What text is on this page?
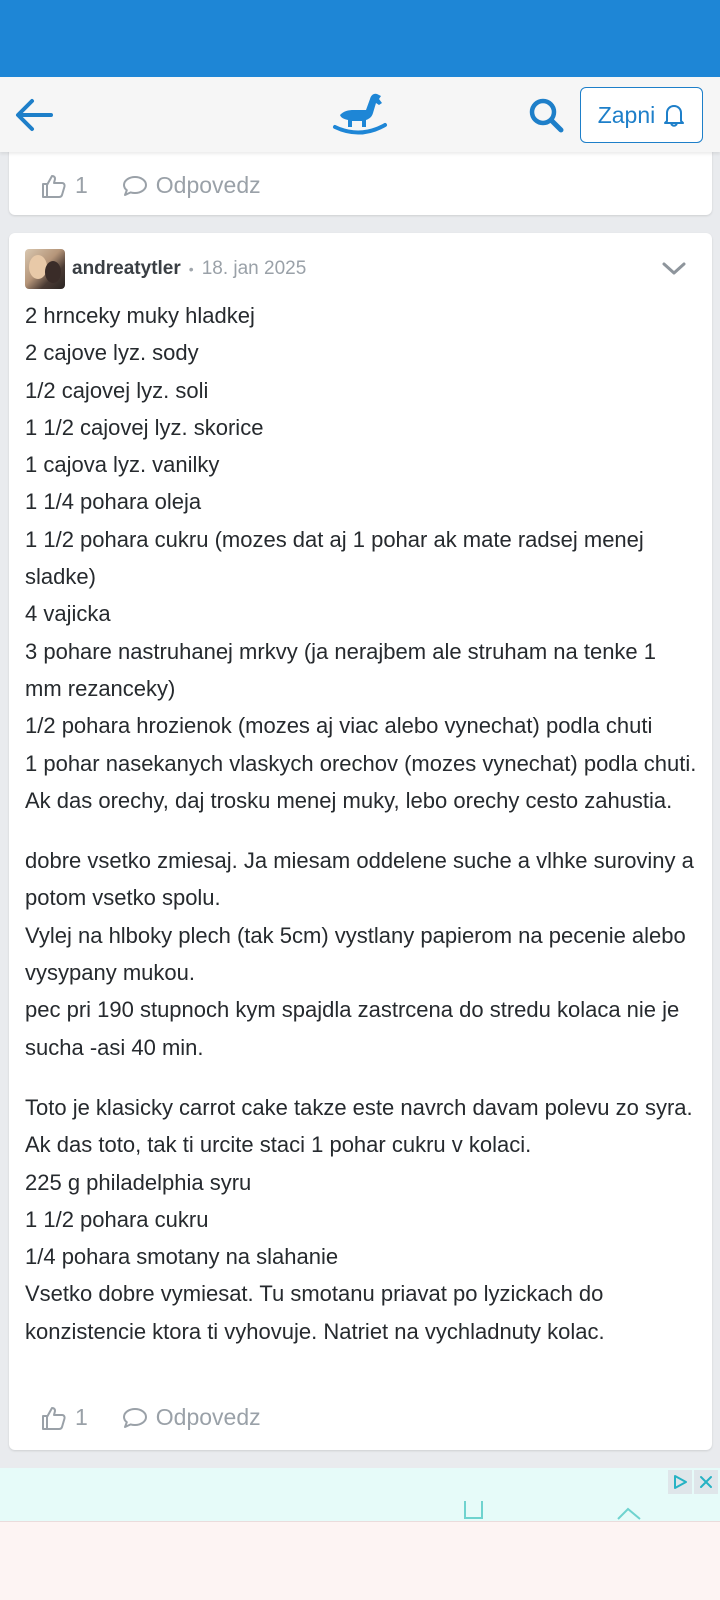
Zapni
1	Odpovedz
andreatytler • 18. jan 2025

2 hrnceky muky hladkej
2 cajove lyz. sody
1/2 cajovej lyz. soli
1 1/2 cajovej lyz. skorice
1 cajova lyz. vanilky
1 1/4 pohara oleja
1 1/2 pohara cukru (mozes dat aj 1 pohar ak mate radsej menej sladke)
4 vajicka
3 pohare nastruhanej mrkvy (ja nerajbem ale struham na tenke 1 mm rezanceky)
1/2 pohara hrozienok (mozes aj viac alebo vynechat) podla chuti
1 pohar nasekanych vlaskych orechov (mozes vynechat) podla chuti. Ak das orechy, daj trosku menej muky, lebo orechy cesto zahustia.

dobre vsetko zmiesaj. Ja miesam oddelene suche a vlhke suroviny a potom vsetko spolu.
Vylej na hlboky plech (tak 5cm) vystlany papierom na pecenie alebo vysypany mukou.
pec pri 190 stupnoch kym spajdla zastrcena do stredu kolaca nie je sucha -asi 40 min.

Toto je klasicky carrot cake takze este navrch davam polevu zo syra. Ak das toto, tak ti urcite staci 1 pohar cukru v kolaci.
225 g philadelphia syru
1 1/2 pohara cukru
1/4 pohara smotany na slahanie
Vsetko dobre vymiesat. Tu smotanu priavat po lyzickach do konzistencie ktora ti vyhovuje. Natriet na vychladnuty kolac.

1	Odpovedz
